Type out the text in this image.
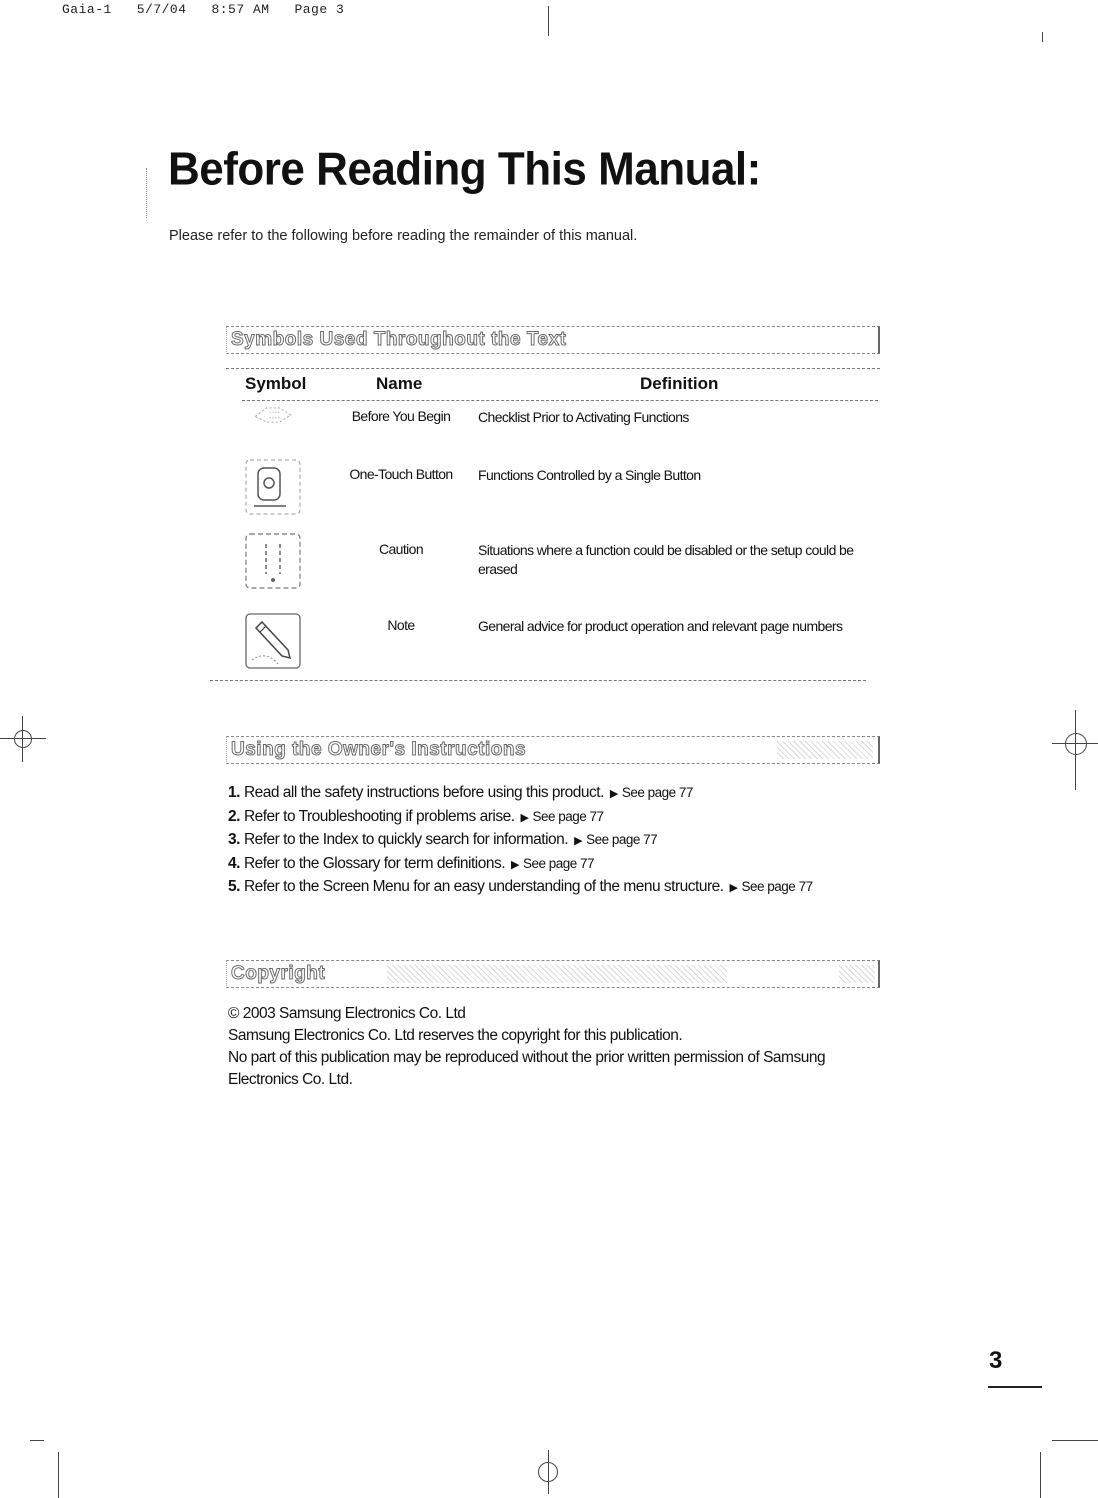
Gaia-1 5/7/04 8:57 AM Page 3
Before Reading This Manual:
Please refer to the following before reading the remainder of this manual.
Symbols Used Throughout the Text
Symbol	Name	Definition
Before You Begin	Checklist Prior to Activating Functions
One-Touch Button	Functions Controlled by a Single Button
Caution	Situations where a function could be disabled or the setup could be erased
Note	General advice for product operation and relevant page numbers
Using the Owner's Instructions
1. Read all the safety instructions before using this product. ▶ See page 77
2. Refer to Troubleshooting if problems arise. ▶ See page 77
3. Refer to the Index to quickly search for information. ▶ See page 77
4. Refer to the Glossary for term definitions. ▶ See page 77
5. Refer to the Screen Menu for an easy understanding of the menu structure. ▶ See page 77
Copyright
© 2003 Samsung Electronics Co. Ltd
Samsung Electronics Co. Ltd reserves the copyright for this publication.
No part of this publication may be reproduced without the prior written permission of Samsung Electronics Co. Ltd.
3
